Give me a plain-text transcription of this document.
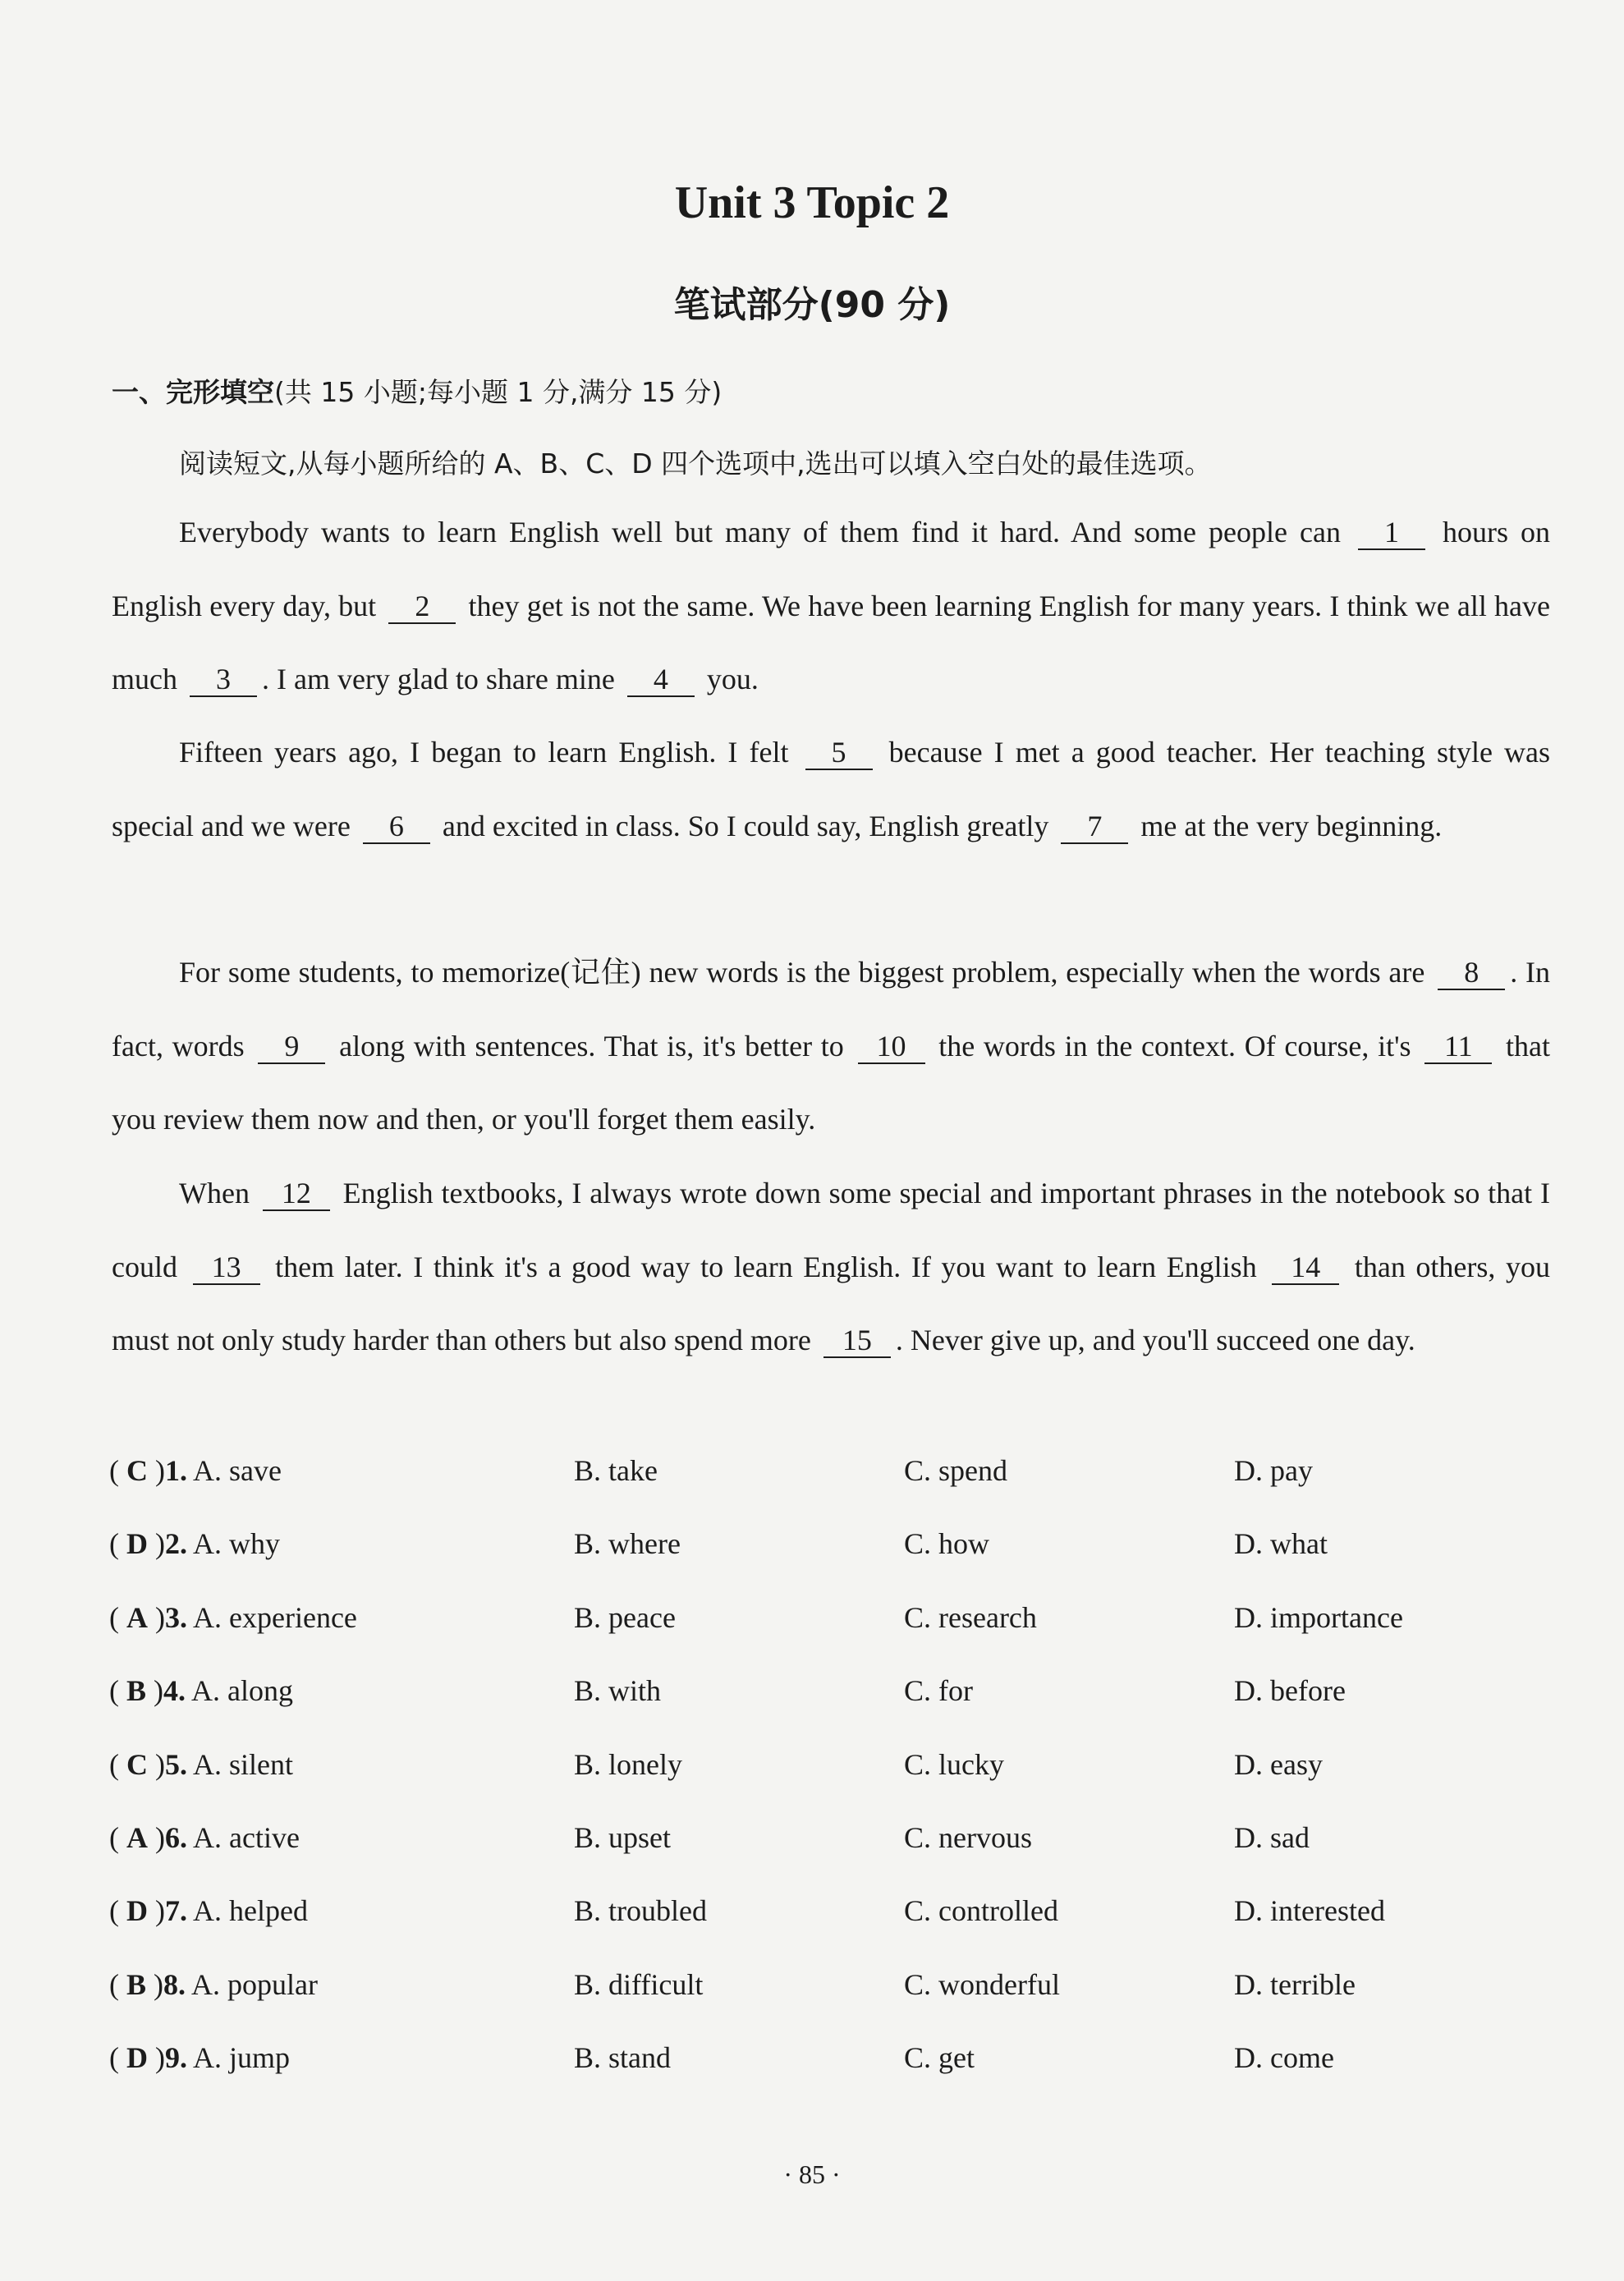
Unit 3 Topic 2
笔试部分(90 分)
一、完形填空(共 15 小题;每小题 1 分,满分 15 分)
阅读短文,从每小题所给的 A、B、C、D 四个选项中,选出可以填入空白处的最佳选项。
Everybody wants to learn English well but many of them find it hard. And some people can 1 hours on English every day, but 2 they get is not the same. We have been learning English for many years. I think we all have much 3 . I am very glad to share mine 4 you.
Fifteen years ago, I began to learn English. I felt 5 because I met a good teacher. Her teaching style was special and we were 6 and excited in class. So I could say, English greatly 7 me at the very beginning.
For some students, to memorize(记住) new words is the biggest problem, especially when the words are 8 . In fact, words 9 along with sentences. That is, it's better to 10 the words in the context. Of course, it's 11 that you review them now and then, or you'll forget them easily.
When 12 English textbooks, I always wrote down some special and important phrases in the notebook so that I could 13 them later. I think it's a good way to learn English. If you want to learn English 14 than others, you must not only study harder than others but also spend more 15 . Never give up, and you'll succeed one day.
( C )1. A. save	B. take	C. spend	D. pay
( D )2. A. why	B. where	C. how	D. what
( A )3. A. experience	B. peace	C. research	D. importance
( B )4. A. along	B. with	C. for	D. before
( C )5. A. silent	B. lonely	C. lucky	D. easy
( A )6. A. active	B. upset	C. nervous	D. sad
( D )7. A. helped	B. troubled	C. controlled	D. interested
( B )8. A. popular	B. difficult	C. wonderful	D. terrible
( D )9. A. jump	B. stand	C. get	D. come
· 85 ·
